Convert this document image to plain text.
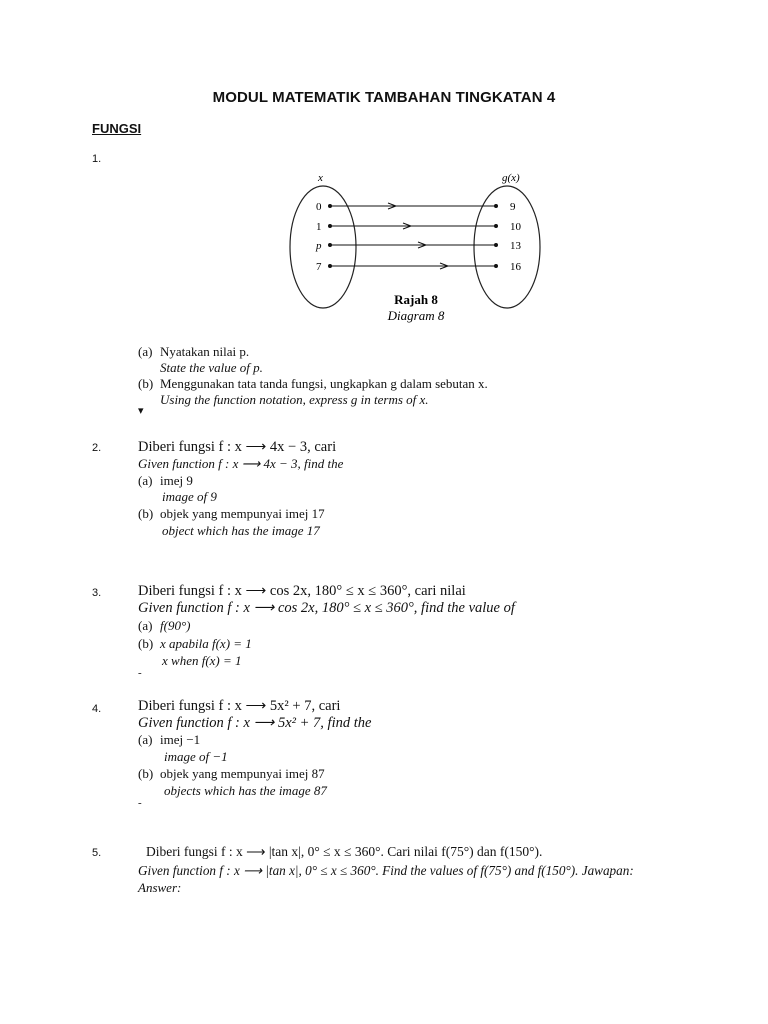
MODUL MATEMATIK TAMBAHAN TINGKATAN 4
FUNGSI
1.
x	g(x)
0	9
1	10
p	13
7	16
Rajah 8
Diagram 8
(a) Nyatakan nilai p.
State the value of p.
(b) Menggunakan tata tanda fungsi, ungkapkan g dalam sebutan x.
Using the function notation, express g in terms of x.
▾
2.	Diberi fungsi f : x ⟶ 4x − 3, cari
Given function f : x ⟶ 4x − 3, find the
(a) imej 9
image of 9
(b) objek yang mempunyai imej 17
object which has the image 17
3.	Diberi fungsi f : x ⟶ cos 2x, 180° ≤ x ≤ 360°, cari nilai
Given function f : x ⟶ cos 2x, 180° ≤ x ≤ 360°, find the value of
(a) f(90°)
(b) x apabila f(x) = 1
x when f(x) = 1
-
4.	Diberi fungsi f : x ⟶ 5x² + 7, cari
Given function f : x ⟶ 5x² + 7, find the
(a) imej −1
image of −1
(b) objek yang mempunyai imej 87
objects which has the image 87
-
5.	Diberi fungsi f : x ⟶ |tan x|, 0° ≤ x ≤ 360°. Cari nilai f(75°) dan f(150°).
Given function f : x ⟶ |tan x|, 0° ≤ x ≤ 360°. Find the values of f(75°) and f(150°). Jawapan:
Answer:
